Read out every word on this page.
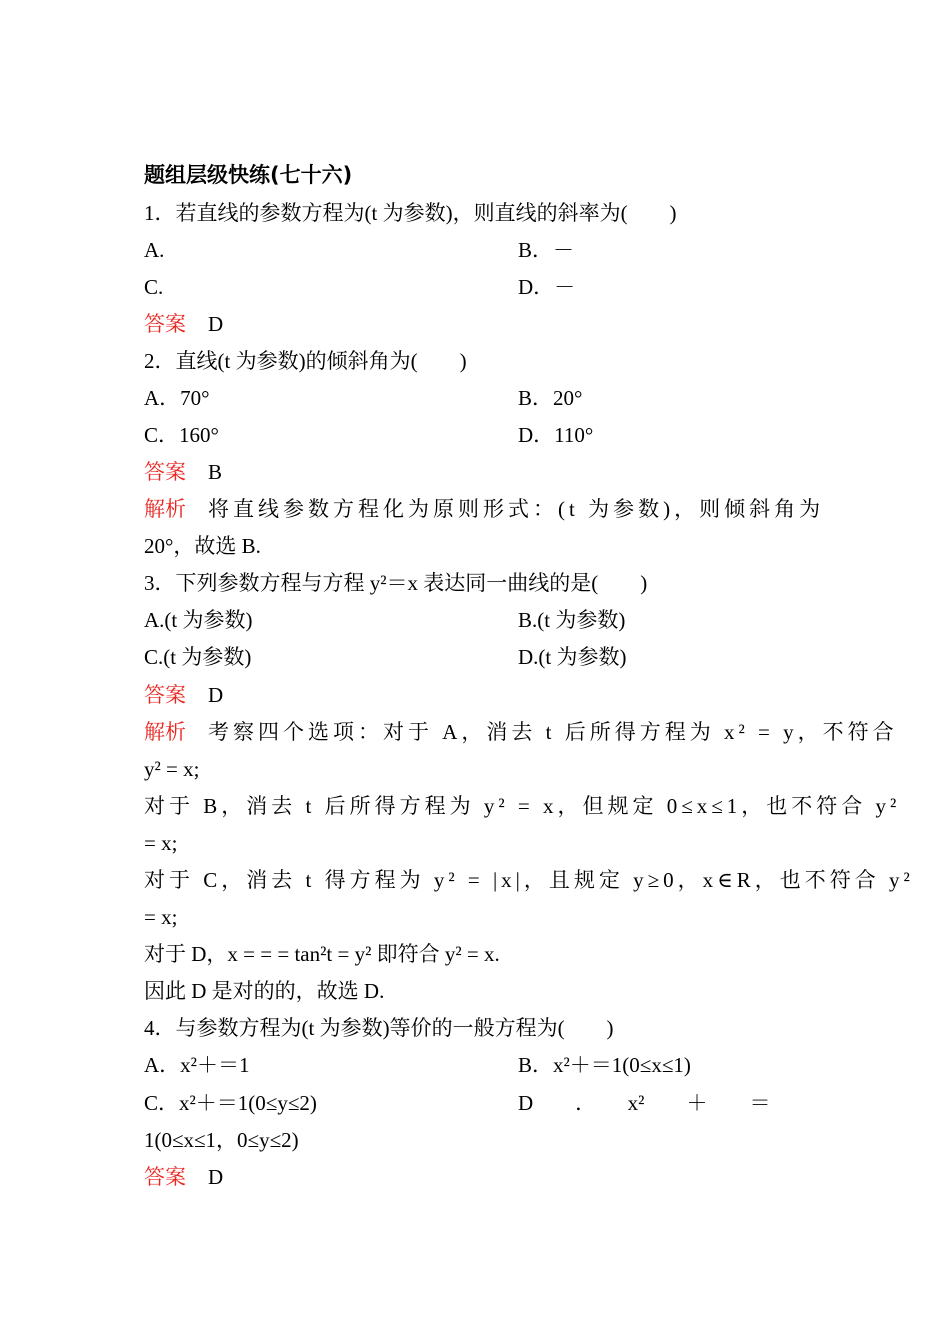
题组层级快练(七十六)
1．若直线的参数方程为(t 为参数)，则直线的斜率为(　　)
A.	B．－
C.	D．－
答案 D
2．直线(t 为参数)的倾斜角为(　　)
A．70°	B．20°
C．160°	D．110°
答案 B
解析 将直线参数方程化为原则形式：(t 为参数)，则倾斜角为
20°，故选 B.
3．下列参数方程与方程 y²＝x 表达同一曲线的是(　　)
A.(t 为参数)	B.(t 为参数)
C.(t 为参数)	D.(t 为参数)
答案 D
解析 考察四个选项：对于 A，消去 t 后所得方程为 x² = y，不符合
y² = x;
对于 B，消去 t 后所得方程为 y² = x，但规定 0≤x≤1，也不符合 y²
= x;
对于 C，消去 t 得方程为 y² = |x|，且规定 y≥0，x∈R，也不符合 y²
= x;
对于 D，x = = = tan²t = y² 即符合 y² = x.
因此 D 是对的的，故选 D.
4．与参数方程为(t 为参数)等价的一般方程为(　　)
A．x²＋＝1	B．x²＋＝1(0≤x≤1)
C．x²＋＝1(0≤y≤2)	D　　．　　x²　　＋　　＝
1(0≤x≤1，0≤y≤2)
答案 D
